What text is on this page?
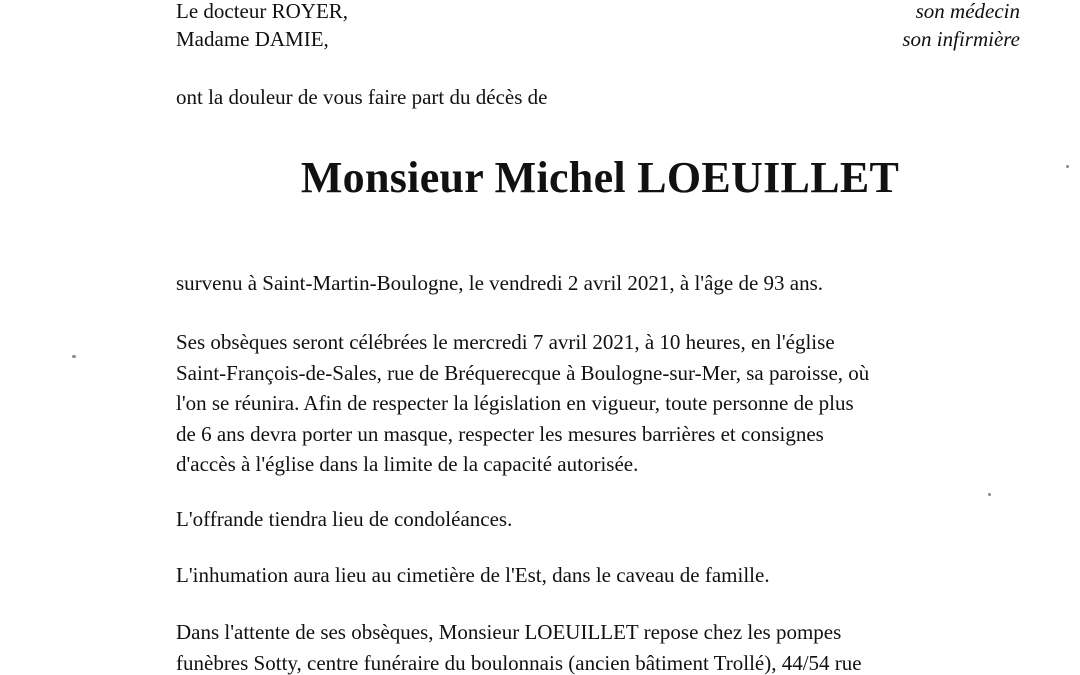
Le docteur ROYER,	son médecin
Madame DAMIE,	son infirmière
ont la douleur de vous faire part du décès de
Monsieur Michel LOEUILLET
survenu à Saint-Martin-Boulogne, le vendredi 2 avril 2021, à l'âge de 93 ans.
Ses obsèques seront célébrées le mercredi 7 avril 2021, à 10 heures, en l'église
Saint-François-de-Sales, rue de Bréquerecque à Boulogne-sur-Mer, sa paroisse, où
l'on se réunira. Afin de respecter la législation en vigueur, toute personne de plus
de 6 ans devra porter un masque, respecter les mesures barrières et consignes
d'accès à l'église dans la limite de la capacité autorisée.
L'offrande tiendra lieu de condoléances.
L'inhumation aura lieu au cimetière de l'Est, dans le caveau de famille.
Dans l'attente de ses obsèques, Monsieur LOEUILLET repose chez les pompes
funèbres Sotty, centre funéraire du boulonnais (ancien bâtiment Trollé), 44/54 rue
